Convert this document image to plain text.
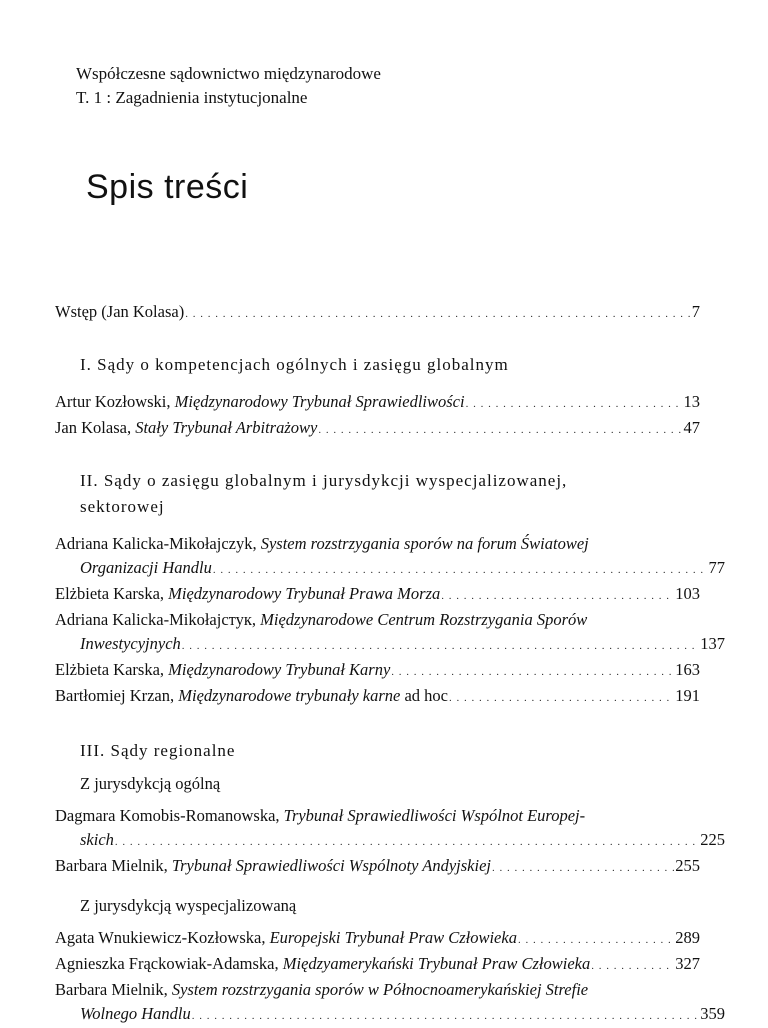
Współczesne sądownictwo międzynarodowe
T. 1 : Zagadnienia instytucjonalne
Spis treści
Wstęp (Jan Kolasa) . . .	7
I. Sądy o kompetencjach ogólnych i zasięgu globalnym
Artur Kozłowski, Międzynarodowy Trybunał Sprawiedliwości . . .	13
Jan Kolasa, Stały Trybunał Arbitrażowy . . .	47
II. Sądy o zasięgu globalnym i jurysdykcji wyspecjalizowanej,
sektorowej
Adriana Kalicka-Mikołajczyk, System rozstrzygania sporów na forum Światowej
Organizacji Handlu . . .	77
Elżbieta Karska, Międzynarodowy Trybunał Prawa Morza . . .	103
Adriana Kalicka-Mikołajcтук, Międzynarodowe Centrum Rozstrzygania Sporów
Inwestycyjnych . . .	137
Elżbieta Karska, Międzynarodowy Trybunał Karny . . .	163
Bartłomiej Krzan, Międzynarodowe trybunały karne ad hoc . . .	191
III. Sądy regionalne
Z jurysdykcją ogólną
Dagmara Komobis-Romanowska, Trybunał Sprawiedliwości Wspólnot Europej-
skich . . .	225
Barbara Mielnik, Trybunał Sprawiedliwości Wspólnoty Andyjskiej . . .	255
Z jurysdykcją wyspecjalizowaną
Agata Wnukiewicz-Kozłowska, Europejski Trybunał Praw Człowieka . . .	289
Agnieszka Frąckowiak-Adamska, Międzyamerykański Trybunał Praw Człowieka . . .	327
Barbara Mielnik, System rozstrzygania sporów w Północnoamerykańskiej Strefie
Wolnego Handlu . . .	359
